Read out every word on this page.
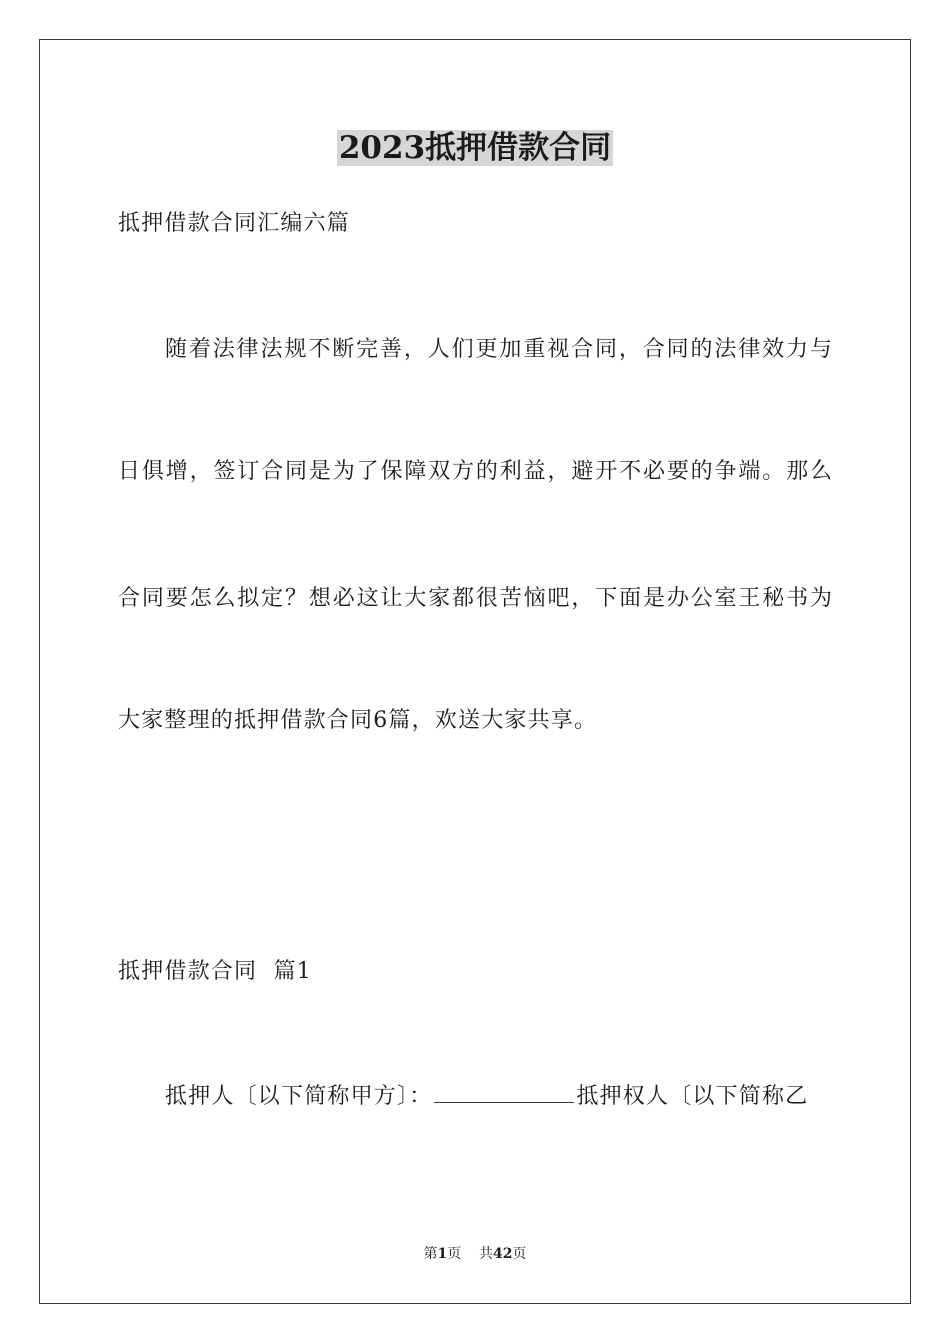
2023抵押借款合同
抵押借款合同汇编六篇
随着法律法规不断完善，人们更加重视合同，合同的法律效力与
日俱增，签订合同是为了保障双方的利益，避开不必要的争端。那么
合同要怎么拟定？想必这让大家都很苦恼吧，下面是办公室王秘书为
大家整理的抵押借款合同6篇，欢送大家共享。
抵押借款合同  篇1
抵押人〔以下简称甲方〕：	抵押权人〔以下简称乙
第1页 共42页
